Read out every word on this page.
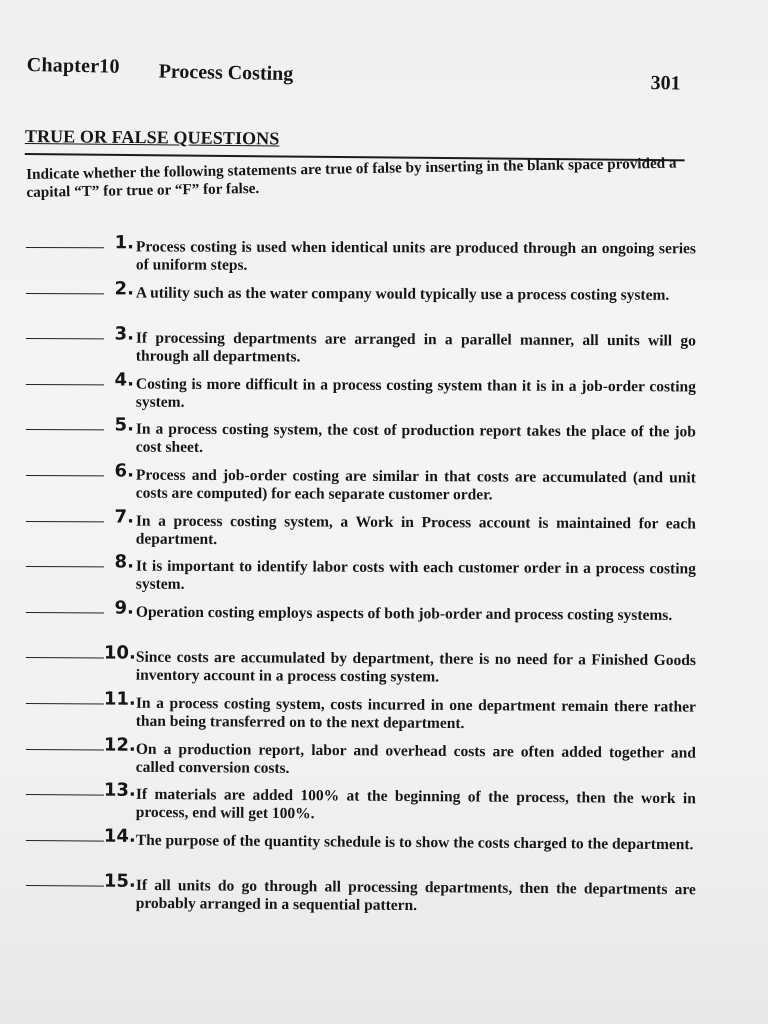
Chapter10 Process Costing	301
TRUE OR FALSE QUESTIONS
Indicate whether the following statements are true of false by inserting in the blank space provided a capital “T” for true or “F” for false.
1. Process costing is used when identical units are produced through an ongoing series of uniform steps.
2. A utility such as the water company would typically use a process costing system.
3. If processing departments are arranged in a parallel manner, all units will go through all departments.
4. Costing is more difficult in a process costing system than it is in a job-order costing system.
5. In a process costing system, the cost of production report takes the place of the job cost sheet.
6. Process and job-order costing are similar in that costs are accumulated (and unit costs are computed) for each separate customer order.
7. In a process costing system, a Work in Process account is maintained for each department.
8. It is important to identify labor costs with each customer order in a process costing system.
9. Operation costing employs aspects of both job-order and process costing systems.
10. Since costs are accumulated by department, there is no need for a Finished Goods inventory account in a process costing system.
11. In a process costing system, costs incurred in one department remain there rather than being transferred on to the next department.
12. On a production report, labor and overhead costs are often added together and called conversion costs.
13. If materials are added 100% at the beginning of the process, then the work in process, end will get 100%.
14. The purpose of the quantity schedule is to show the costs charged to the department.
15. If all units do go through all processing departments, then the departments are probably arranged in a sequential pattern.
